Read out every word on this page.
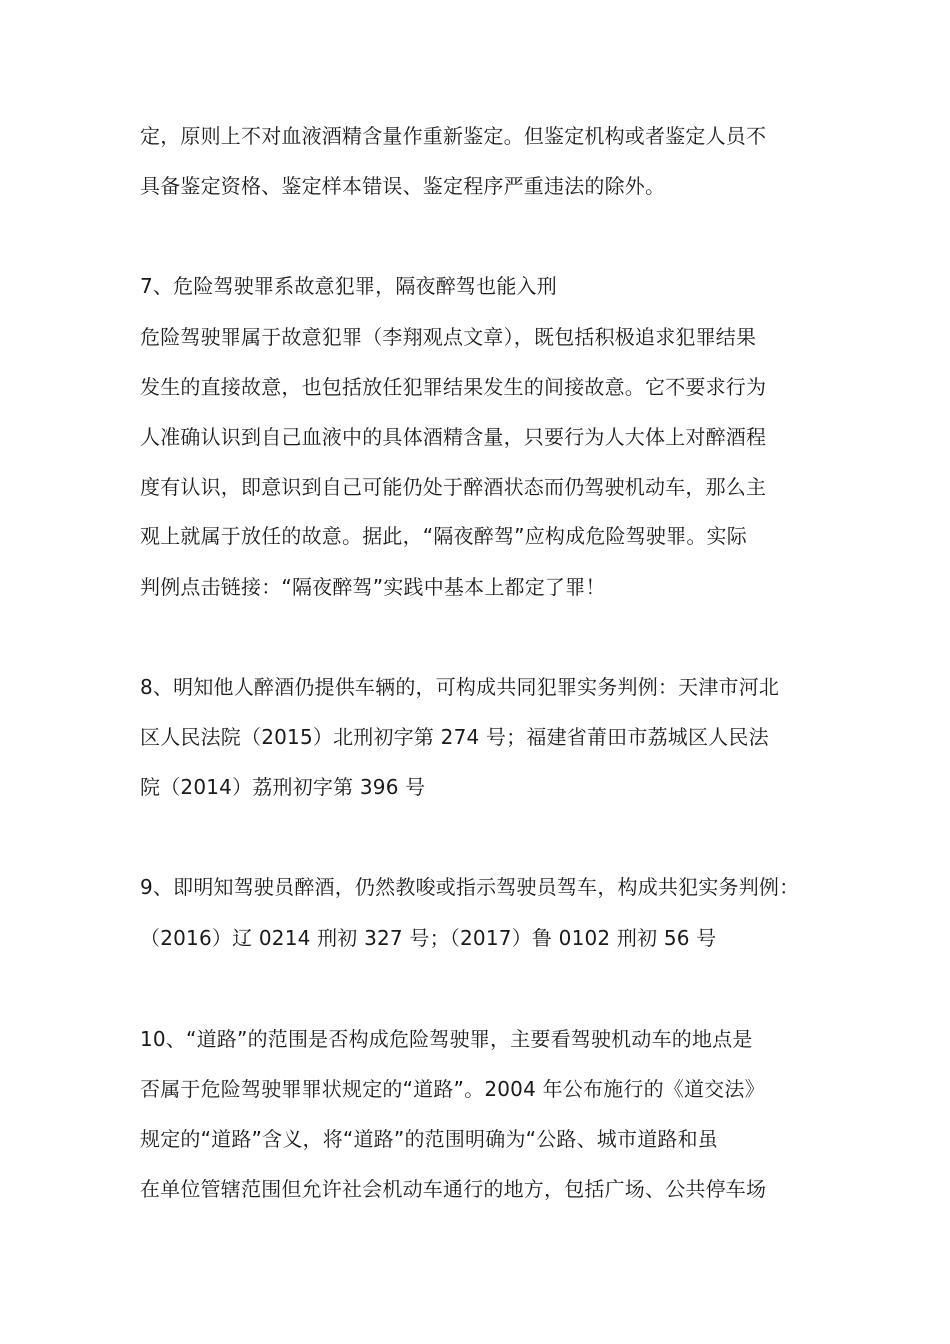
定，原则上不对血液酒精含量作重新鉴定。但鉴定机构或者鉴定人员不
具备鉴定资格、鉴定样本错误、鉴定程序严重违法的除外。
7、危险驾驶罪系故意犯罪，隔夜醉驾也能入刑
危险驾驶罪属于故意犯罪（李翔观点文章），既包括积极追求犯罪结果
发生的直接故意，也包括放任犯罪结果发生的间接故意。它不要求行为
人准确认识到自己血液中的具体酒精含量，只要行为人大体上对醉酒程
度有认识，即意识到自己可能仍处于醉酒状态而仍驾驶机动车，那么主
观上就属于放任的故意。据此，“隔夜醉驾”应构成危险驾驶罪。实际
判例点击链接：“隔夜醉驾”实践中基本上都定了罪！
8、明知他人醉酒仍提供车辆的，可构成共同犯罪实务判例：天津市河北
区人民法院（2015）北刑初字第 274 号；福建省莆田市荔城区人民法
院（2014）荔刑初字第 396 号
9、即明知驾驶员醉酒，仍然教唆或指示驾驶员驾车，构成共犯实务判例：
（2016）辽 0214 刑初 327 号；（2017）鲁 0102 刑初 56 号
10、“道路”的范围是否构成危险驾驶罪，主要看驾驶机动车的地点是
否属于危险驾驶罪罪状规定的“道路”。2004 年公布施行的《道交法》
规定的“道路”含义，将“道路”的范围明确为“公路、城市道路和虽
在单位管辖范围但允许社会机动车通行的地方，包括广场、公共停车场
